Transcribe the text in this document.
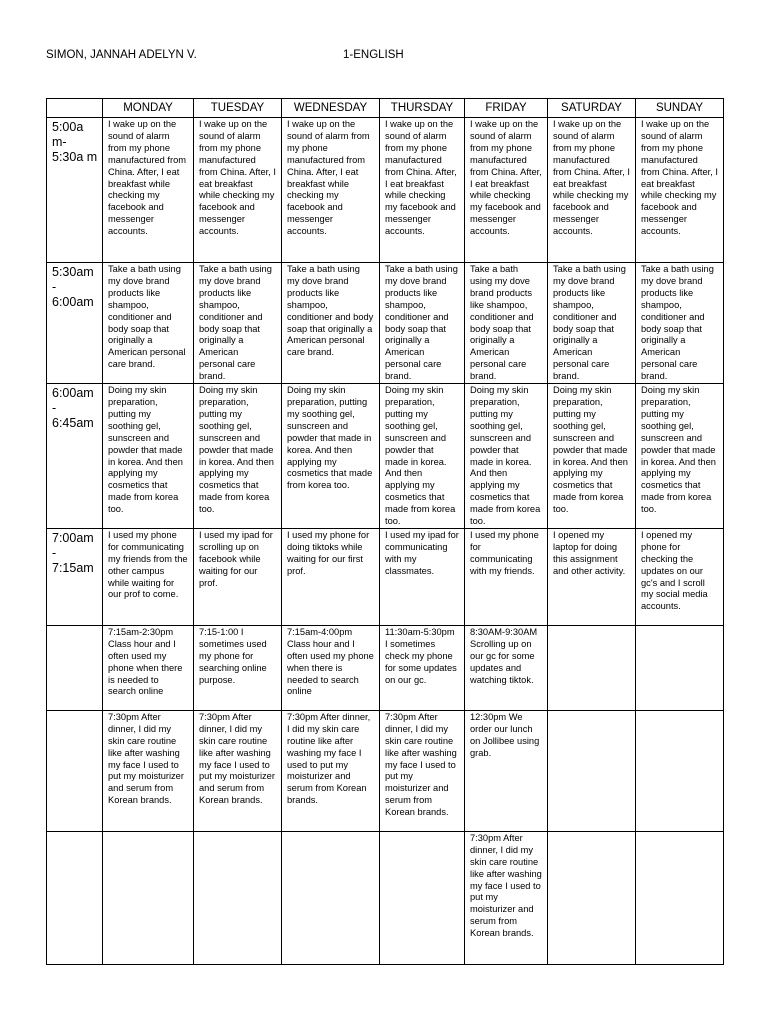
SIMON, JANNAH ADELYN V.	1-ENGLISH
	MONDAY	TUESDAY	WEDNESDAY	THURSDAY	FRIDAY	SATURDAY	SUNDAY
5:00a m- 5:30a m	I wake up on the sound of alarm from my phone manufactured from China. After, I eat breakfast while checking my facebook and messenger accounts.	I wake up on the sound of alarm from my phone manufactured from China. After, I eat breakfast while checking my facebook and messenger accounts.	I wake up on the sound of alarm from my phone manufactured from China. After, I eat breakfast while checking my facebook and messenger accounts.	I wake up on the sound of alarm from my phone manufactured from China. After, I eat breakfast while checking my facebook and messenger accounts.	I wake up on the sound of alarm from my phone manufactured from China. After, I eat breakfast while checking my facebook and messenger accounts.	I wake up on the sound of alarm from my phone manufactured from China. After, I eat breakfast while checking my facebook and messenger accounts.	I wake up on the sound of alarm from my phone manufactured from China. After, I eat breakfast while checking my facebook and messenger accounts.
5:30am - 6:00am	Take a bath using my dove brand products like shampoo, conditioner and body soap that originally a American personal care brand.	Take a bath using my dove brand products like shampoo, conditioner and body soap that originally a American personal care brand.	Take a bath using my dove brand products like shampoo, conditioner and body soap that originally a American personal care brand.	Take a bath using my dove brand products like shampoo, conditioner and body soap that originally a American personal care brand.	Take a bath using my dove brand products like shampoo, conditioner and body soap that originally a American personal care brand.	Take a bath using my dove brand products like shampoo, conditioner and body soap that originally a American personal care brand.	Take a bath using my dove brand products like shampoo, conditioner and body soap that originally a American personal care brand.
6:00am - 6:45am	Doing my skin preparation, putting my soothing gel, sunscreen and powder that made in korea. And then applying my cosmetics that made from korea too.	Doing my skin preparation, putting my soothing gel, sunscreen and powder that made in korea. And then applying my cosmetics that made from korea too.	Doing my skin preparation, putting my soothing gel, sunscreen and powder that made in korea. And then applying my cosmetics that made from korea too.	Doing my skin preparation, putting my soothing gel, sunscreen and powder that made in korea. And then applying my cosmetics that made from korea too.	Doing my skin preparation, putting my soothing gel, sunscreen and powder that made in korea. And then applying my cosmetics that made from korea too.	Doing my skin preparation, putting my soothing gel, sunscreen and powder that made in korea. And then applying my cosmetics that made from korea too.	Doing my skin preparation, putting my soothing gel, sunscreen and powder that made in korea. And then applying my cosmetics that made from korea too.
7:00am - 7:15am	I used my phone for communicating my friends from the other campus while waiting for our prof to come.	I used my ipad for scrolling up on facebook while waiting for our prof.	I used my phone for doing tiktoks while waiting for our first prof.	I used my ipad for communicating with my classmates.	I used my phone for communicating with my friends.	I opened my laptop for doing this assignment and other activity.	I opened my phone for checking the updates on our gc's and I scroll my social media accounts.
	7:15am-2:30pm Class hour and I often used my phone when there is needed to search online	7:15-1:00 I sometimes used my phone for searching online purpose.	7:15am-4:00pm Class hour and I often used my phone when there is needed to search online	11:30am-5:30pm I sometimes check my phone for some updates on our gc.	8:30AM-9:30AM Scrolling up on our gc for some updates and watching tiktok.		
	7:30pm After dinner, I did my skin care routine like after washing my face I used to put my moisturizer and serum from Korean brands.	7:30pm After dinner, I did my skin care routine like after washing my face I used to put my moisturizer and serum from Korean brands.	7:30pm After dinner, I did my skin care routine like after washing my face I used to put my moisturizer and serum from Korean brands.	7:30pm After dinner, I did my skin care routine like after washing my face I used to put my moisturizer and serum from Korean brands.	12:30pm We order our lunch on Jollibee using grab.		
					7:30pm After dinner, I did my skin care routine like after washing my face I used to put my moisturizer and serum from Korean brands.		
